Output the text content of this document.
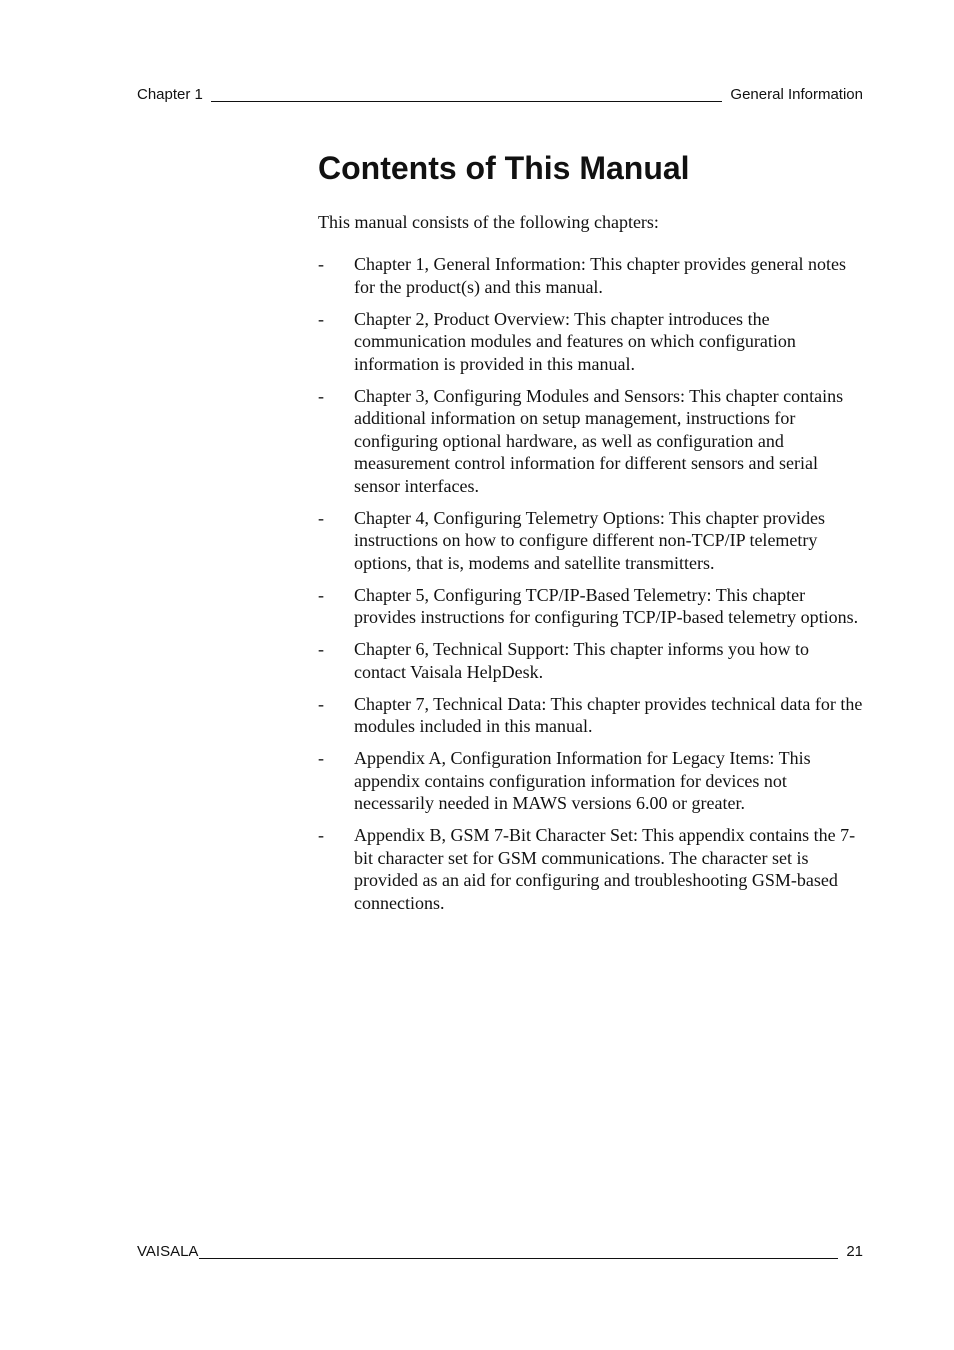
Chapter 1	General Information
Contents of This Manual

This manual consists of the following chapters:

-	Chapter 1, General Information: This chapter provides general notes for the product(s) and this manual.
-	Chapter 2, Product Overview: This chapter introduces the communication modules and features on which configuration information is provided in this manual.
-	Chapter 3, Configuring Modules and Sensors: This chapter contains additional information on setup management, instructions for configuring optional hardware, as well as configuration and measurement control information for different sensors and serial sensor interfaces.
-	Chapter 4, Configuring Telemetry Options: This chapter provides instructions on how to configure different non-TCP/IP telemetry options, that is, modems and satellite transmitters.
-	Chapter 5, Configuring TCP/IP-Based Telemetry: This chapter provides instructions for configuring TCP/IP-based telemetry options.
-	Chapter 6, Technical Support: This chapter informs you how to contact Vaisala HelpDesk.
-	Chapter 7, Technical Data: This chapter provides technical data for the modules included in this manual.
-	Appendix A, Configuration Information for Legacy Items: This appendix contains configuration information for devices not necessarily needed in MAWS versions 6.00 or greater.
-	Appendix B, GSM 7-Bit Character Set: This appendix contains the 7-bit character set for GSM communications. The character set is provided as an aid for configuring and troubleshooting GSM-based connections.
VAISALA	21
